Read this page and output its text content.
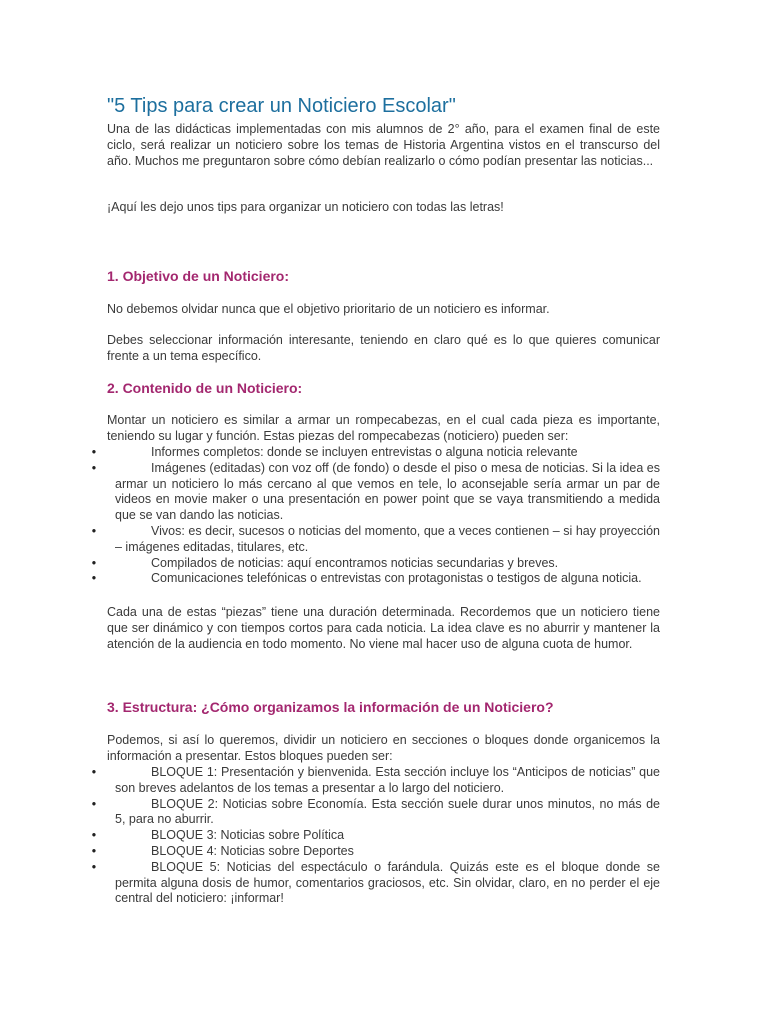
"5 Tips para crear un Noticiero Escolar"

Una de las didácticas implementadas con mis alumnos de 2° año, para el examen final de este ciclo, será realizar un noticiero sobre los temas de Historia Argentina vistos en el transcurso del año. Muchos me preguntaron sobre cómo debían realizarlo o cómo podían presentar las noticias...

¡Aquí les dejo unos tips para organizar un noticiero con todas las letras!

1. Objetivo de un Noticiero:

No debemos olvidar nunca que el objetivo prioritario de un noticiero es informar.

Debes seleccionar información interesante, teniendo en claro qué es lo que quieres comunicar frente a un tema específico.

2. Contenido de un Noticiero:

Montar un noticiero es similar a armar un rompecabezas, en el cual cada pieza es importante, teniendo su lugar y función. Estas piezas del rompecabezas (noticiero) pueden ser:

•	Informes completos: donde se incluyen entrevistas o alguna noticia relevante
•	Imágenes (editadas) con voz off (de fondo) o desde el piso o mesa de noticias. Si la idea es armar un noticiero lo más cercano al que vemos en tele, lo aconsejable sería armar un par de videos en movie maker o una presentación en power point que se vaya transmitiendo a medida que se van dando las noticias.
•	Vivos: es decir, sucesos o noticias del momento, que a veces contienen – si hay proyección – imágenes editadas, titulares, etc.
•	Compilados de noticias: aquí encontramos noticias secundarias y breves.
•	Comunicaciones telefónicas o entrevistas con protagonistas o testigos de alguna noticia.

Cada una de estas “piezas” tiene una duración determinada. Recordemos que un noticiero tiene que ser dinámico y con tiempos cortos para cada noticia. La idea clave es no aburrir y mantener la atención de la audiencia en todo momento. No viene mal hacer uso de alguna cuota de humor.

3. Estructura: ¿Cómo organizamos la información de un Noticiero?

Podemos, si así lo queremos, dividir un noticiero en secciones o bloques donde organicemos la información a presentar. Estos bloques pueden ser:

•	BLOQUE 1: Presentación y bienvenida. Esta sección incluye los “Anticipos de noticias” que son breves adelantos de los temas a presentar a lo largo del noticiero.
•	BLOQUE 2: Noticias sobre Economía. Esta sección suele durar unos minutos, no más de 5, para no aburrir.
•	BLOQUE 3: Noticias sobre Política
•	BLOQUE 4: Noticias sobre Deportes
•	BLOQUE 5: Noticias del espectáculo o farándula. Quizás este es el bloque donde se permita alguna dosis de humor, comentarios graciosos, etc. Sin olvidar, claro, en no perder el eje central del noticiero: ¡informar!
